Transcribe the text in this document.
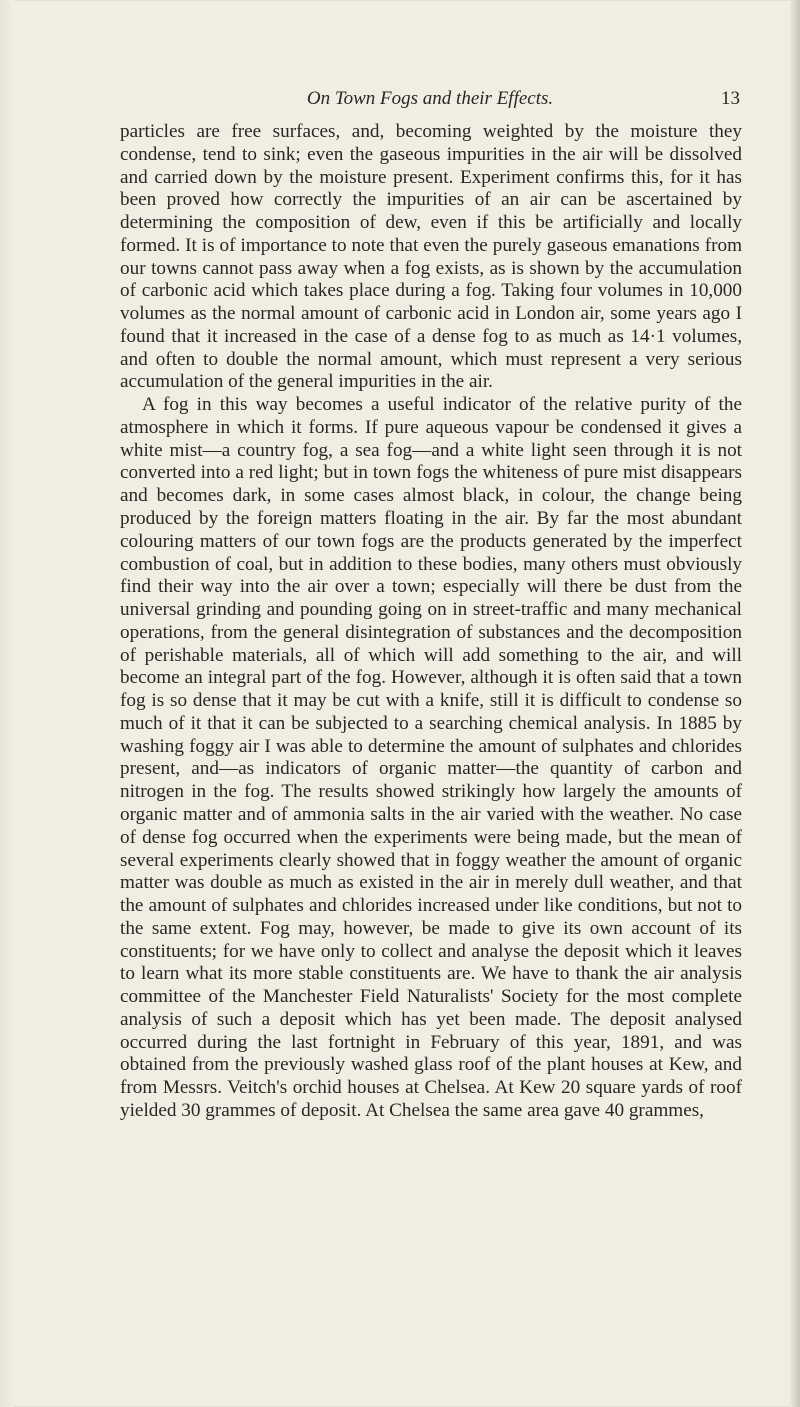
On Town Fogs and their Effects.	13

particles are free surfaces, and, becoming weighted by the moisture they condense, tend to sink; even the gaseous impurities in the air will be dissolved and carried down by the moisture present. Experiment confirms this, for it has been proved how correctly the impurities of an air can be ascertained by determining the composition of dew, even if this be artificially and locally formed. It is of importance to note that even the purely gaseous emanations from our towns cannot pass away when a fog exists, as is shown by the accumulation of carbonic acid which takes place during a fog. Taking four volumes in 10,000 volumes as the normal amount of carbonic acid in London air, some years ago I found that it increased in the case of a dense fog to as much as 14·1 volumes, and often to double the normal amount, which must represent a very serious accumulation of the general impurities in the air.

A fog in this way becomes a useful indicator of the relative purity of the atmosphere in which it forms. If pure aqueous vapour be condensed it gives a white mist—a country fog, a sea fog—and a white light seen through it is not converted into a red light; but in town fogs the whiteness of pure mist disappears and becomes dark, in some cases almost black, in colour, the change being produced by the foreign matters floating in the air. By far the most abundant colouring matters of our town fogs are the products generated by the imperfect combustion of coal, but in addition to these bodies, many others must obviously find their way into the air over a town; especially will there be dust from the universal grinding and pounding going on in street-traffic and many mechanical operations, from the general disintegration of substances and the decomposition of perishable materials, all of which will add something to the air, and will become an integral part of the fog. However, although it is often said that a town fog is so dense that it may be cut with a knife, still it is difficult to condense so much of it that it can be subjected to a searching chemical analysis. In 1885 by washing foggy air I was able to determine the amount of sulphates and chlorides present, and—as indicators of organic matter—the quantity of carbon and nitrogen in the fog. The results showed strikingly how largely the amounts of organic matter and of ammonia salts in the air varied with the weather. No case of dense fog occurred when the experiments were being made, but the mean of several experiments clearly showed that in foggy weather the amount of organic matter was double as much as existed in the air in merely dull weather, and that the amount of sulphates and chlorides increased under like conditions, but not to the same extent. Fog may, however, be made to give its own account of its constituents; for we have only to collect and analyse the deposit which it leaves to learn what its more stable constituents are. We have to thank the air analysis committee of the Manchester Field Naturalists' Society for the most complete analysis of such a deposit which has yet been made. The deposit analysed occurred during the last fortnight in February of this year, 1891, and was obtained from the previously washed glass roof of the plant houses at Kew, and from Messrs. Veitch's orchid houses at Chelsea. At Kew 20 square yards of roof yielded 30 grammes of deposit. At Chelsea the same area gave 40 grammes,
